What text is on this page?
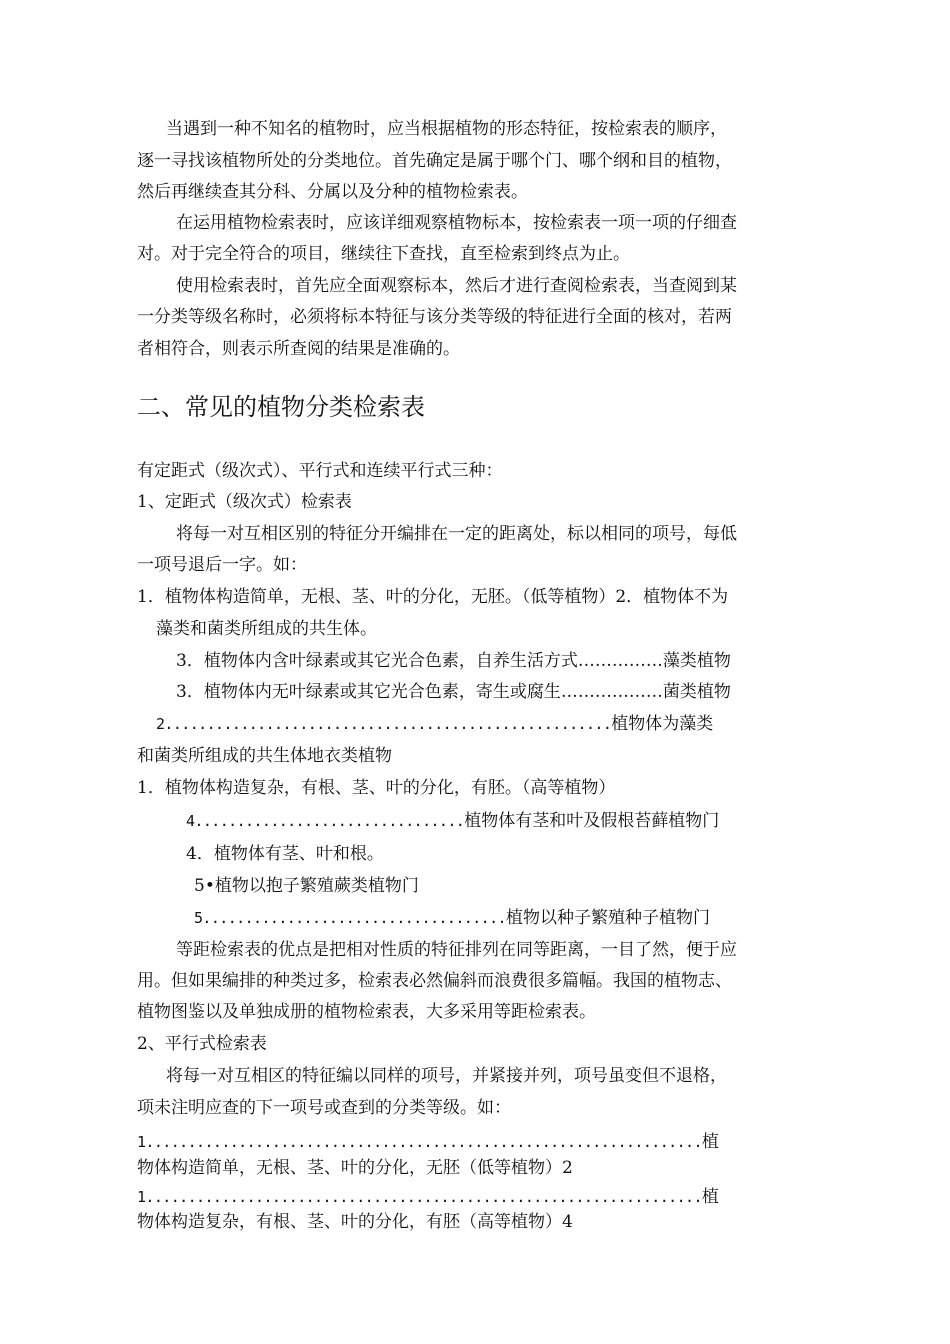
当遇到一种不知名的植物时，应当根据植物的形态特征，按检索表的顺序，
逐一寻找该植物所处的分类地位。首先确定是属于哪个门、哪个纲和目的植物，
然后再继续查其分科、分属以及分种的植物检索表。
在运用植物检索表时，应该详细观察植物标本，按检索表一项一项的仔细查
对。对于完全符合的项目，继续往下查找，直至检索到终点为止。
使用检索表时，首先应全面观察标本，然后才进行查阅检索表，当查阅到某
一分类等级名称时，必须将标本特征与该分类等级的特征进行全面的核对，若两
者相符合，则表示所查阅的结果是准确的。
二、常见的植物分类检索表
有定距式（级次式）、平行式和连续平行式三种：
1、定距式（级次式）检索表
将每一对互相区别的特征分开编排在一定的距离处，标以相同的项号，每低
一项号退后一字。如：
1．植物体构造简单，无根、茎、叶的分化，无胚。（低等植物）2．植物体不为
藻类和菌类所组成的共生体。
3．植物体内含叶绿素或其它光合色素，自养生活方式……………藻类植物
3．植物体内无叶绿素或其它光合色素，寄生或腐生………………菌类植物
2.....................................................植物体为藻类
和菌类所组成的共生体地衣类植物
1．植物体构造复杂，有根、茎、叶的分化，有胚。（高等植物）
4................................植物体有茎和叶及假根苔藓植物门
4．植物体有茎、叶和根。
5•植物以抱子繁殖蕨类植物门
5....................................植物以种子繁殖种子植物门
等距检索表的优点是把相对性质的特征排列在同等距离，一目了然，便于应
用。但如果编排的种类过多，检索表必然偏斜而浪费很多篇幅。我国的植物志、
植物图鉴以及单独成册的植物检索表，大多采用等距检索表。
2、平行式检索表
将每一对互相区的特征编以同样的项号，并紧接并列，项号虽变但不退格，
项未注明应查的下一项号或查到的分类等级。如：
1..................................................................植
物体构造简单，无根、茎、叶的分化，无胚（低等植物）2
1..................................................................植
物体构造复杂，有根、茎、叶的分化，有胚（高等植物）4
